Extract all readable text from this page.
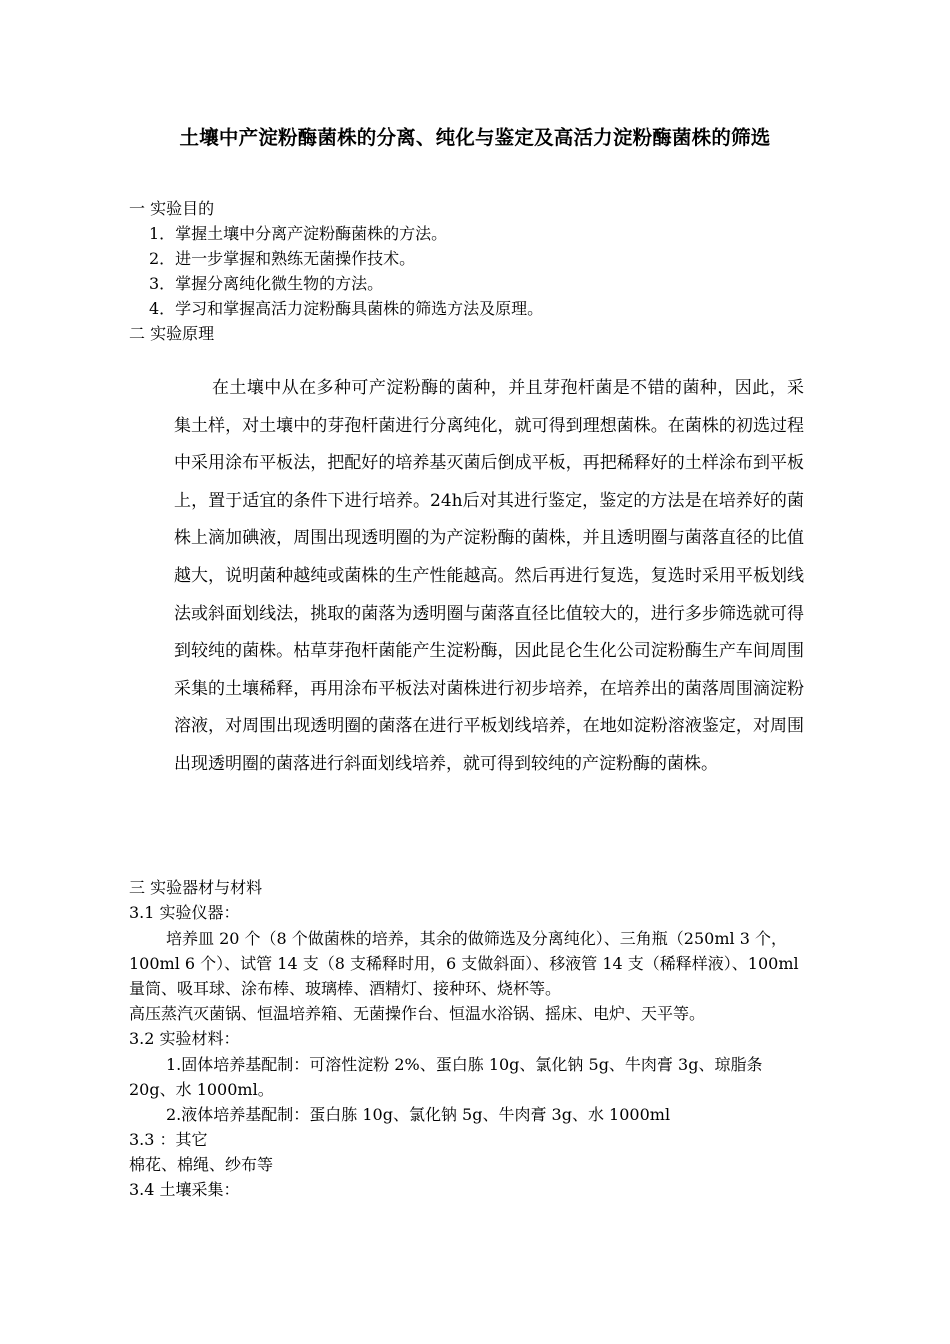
土壤中产淀粉酶菌株的分离、纯化与鉴定及高活力淀粉酶菌株的筛选
一 实验目的
1．掌握土壤中分离产淀粉酶菌株的方法。
2．进一步掌握和熟练无菌操作技术。
3．掌握分离纯化微生物的方法。
4．学习和掌握高活力淀粉酶具菌株的筛选方法及原理。
二 实验原理
在土壤中从在多种可产淀粉酶的菌种，并且芽孢杆菌是不错的菌种，因此，采集土样，对土壤中的芽孢杆菌进行分离纯化，就可得到理想菌株。在菌株的初选过程中采用涂布平板法，把配好的培养基灭菌后倒成平板，再把稀释好的土样涂布到平板上，置于适宜的条件下进行培养。24h后对其进行鉴定，鉴定的方法是在培养好的菌株上滴加碘液，周围出现透明圈的为产淀粉酶的菌株，并且透明圈与菌落直径的比值越大，说明菌种越纯或菌株的生产性能越高。然后再进行复选，复选时采用平板划线法或斜面划线法，挑取的菌落为透明圈与菌落直径比值较大的，进行多步筛选就可得到较纯的菌株。枯草芽孢杆菌能产生淀粉酶，因此昆仑生化公司淀粉酶生产车间周围采集的土壤稀释，再用涂布平板法对菌株进行初步培养，在培养出的菌落周围滴淀粉溶液，对周围出现透明圈的菌落在进行平板划线培养，在地如淀粉溶液鉴定，对周围出现透明圈的菌落进行斜面划线培养，就可得到较纯的产淀粉酶的菌株。
三 实验器材与材料
3.1 实验仪器：
培养皿 20 个（8 个做菌株的培养，其余的做筛选及分离纯化）、三角瓶（250ml 3 个，
100ml 6 个）、试管 14 支（8 支稀释时用，6 支做斜面）、移液管 14 支（稀释样液）、100ml
量筒、吸耳球、涂布棒、玻璃棒、酒精灯、接种环、烧杯等。
高压蒸汽灭菌锅、恒温培养箱、无菌操作台、恒温水浴锅、摇床、电炉、天平等。
3.2 实验材料：
1.固体培养基配制：可溶性淀粉 2%、蛋白胨 10g、氯化钠 5g、牛肉膏 3g、琼脂条
20g、水 1000ml。
2.液体培养基配制：蛋白胨 10g、氯化钠 5g、牛肉膏 3g、水 1000ml
3.3 ：其它
棉花、棉绳、纱布等
3.4 土壤采集：
